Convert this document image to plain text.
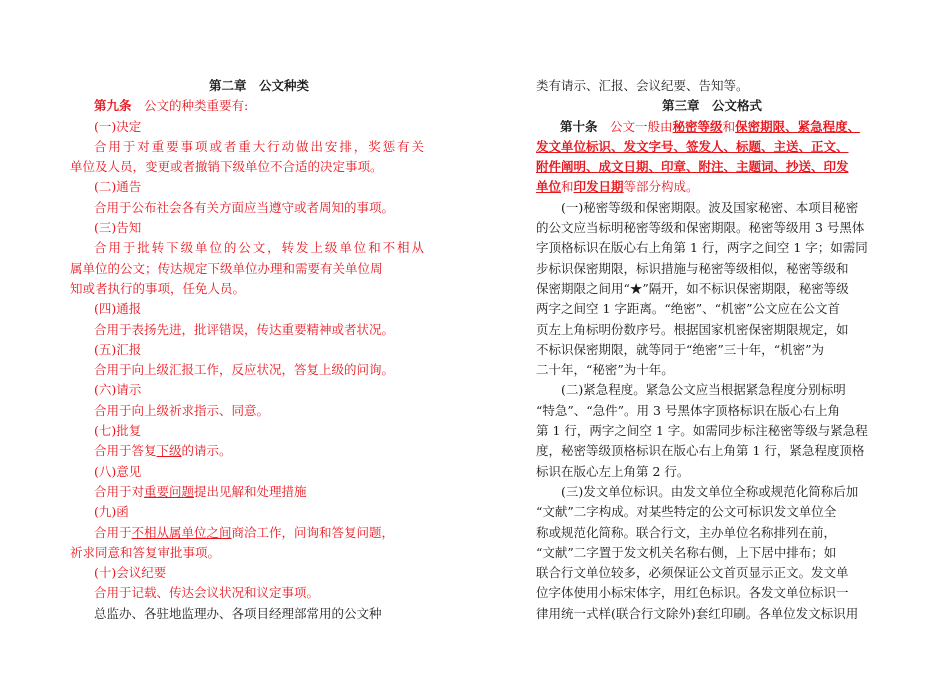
第二章　公文种类
第九条　 公文的种类重要有:
(一)决定
合用于对重要事项或者重大行动做出安排，奖惩有关
单位及人员，变更或者撤销下级单位不合适的决定事项。
(二)通告
合用于公布社会各有关方面应当遵守或者周知的事项。
(三)告知
合用于批转下级单位的公文，转发上级单位和不相从
属单位的公文；传达规定下级单位办理和需要有关单位周
知或者执行的事项，任免人员。
(四)通报
合用于表扬先进，批评错误，传达重要精神或者状况。
(五)汇报
合用于向上级汇报工作，反应状况，答复上级的问询。
(六)请示
合用于向上级祈求指示、同意。
(七)批复
合用于答复下级的请示。
(八)意见
合用于对重要问题提出见解和处理措施
(九)函
合用于不相从属单位之间商洽工作，问询和答复问题，
祈求同意和答复审批事项。
(十)会议纪要
合用于记载、传达会议状况和议定事项。
总监办、各驻地监理办、各项目经理部常用的公文种
类有请示、汇报、会议纪要、告知等。
第三章　公文格式
第十条　 公文一般由秘密等级和保密期限、紧急程度、
发文单位标识、发文字号、签发人、标题、主送、正文、
附件阐明、成文日期、印章、附注、主题词、抄送、印发
单位和印发日期等部分构成。
(一)秘密等级和保密期限。波及国家秘密、本项目秘密
的公文应当标明秘密等级和保密期限。秘密等级用 3 号黑体
字顶格标识在版心右上角第 1 行，两字之间空 1 字；如需同
步标识保密期限，标识措施与秘密等级相似，秘密等级和
保密期限之间用“★”隔开，如不标识保密期限，秘密等级
两字之间空 1 字距离。“绝密”、“机密”公文应在公文首
页左上角标明份数序号。根据国家机密保密期限规定，如
不标识保密期限，就等同于“绝密”三十年，“机密”为
二十年，“秘密”为十年。
(二)紧急程度。紧急公文应当根据紧急程度分别标明
“特急”、“急件”。用 3 号黑体字顶格标识在版心右上角
第 1 行，两字之间空 1 字。如需同步标注秘密等级与紧急程
度，秘密等级顶格标识在版心右上角第 1 行，紧急程度顶格
标识在版心左上角第 2 行。
(三)发文单位标识。由发文单位全称或规范化简称后加
“文献”二字构成。对某些特定的公文可标识发文单位全
称或规范化简称。联合行文，主办单位名称排列在前，
“文献”二字置于发文机关名称右侧，上下居中排布；如
联合行文单位较多，必须保证公文首页显示正文。发文单
位字体使用小标宋体字，用红色标识。各发文单位标识一
律用统一式样(联合行文除外)套红印刷。各单位发文标识用
